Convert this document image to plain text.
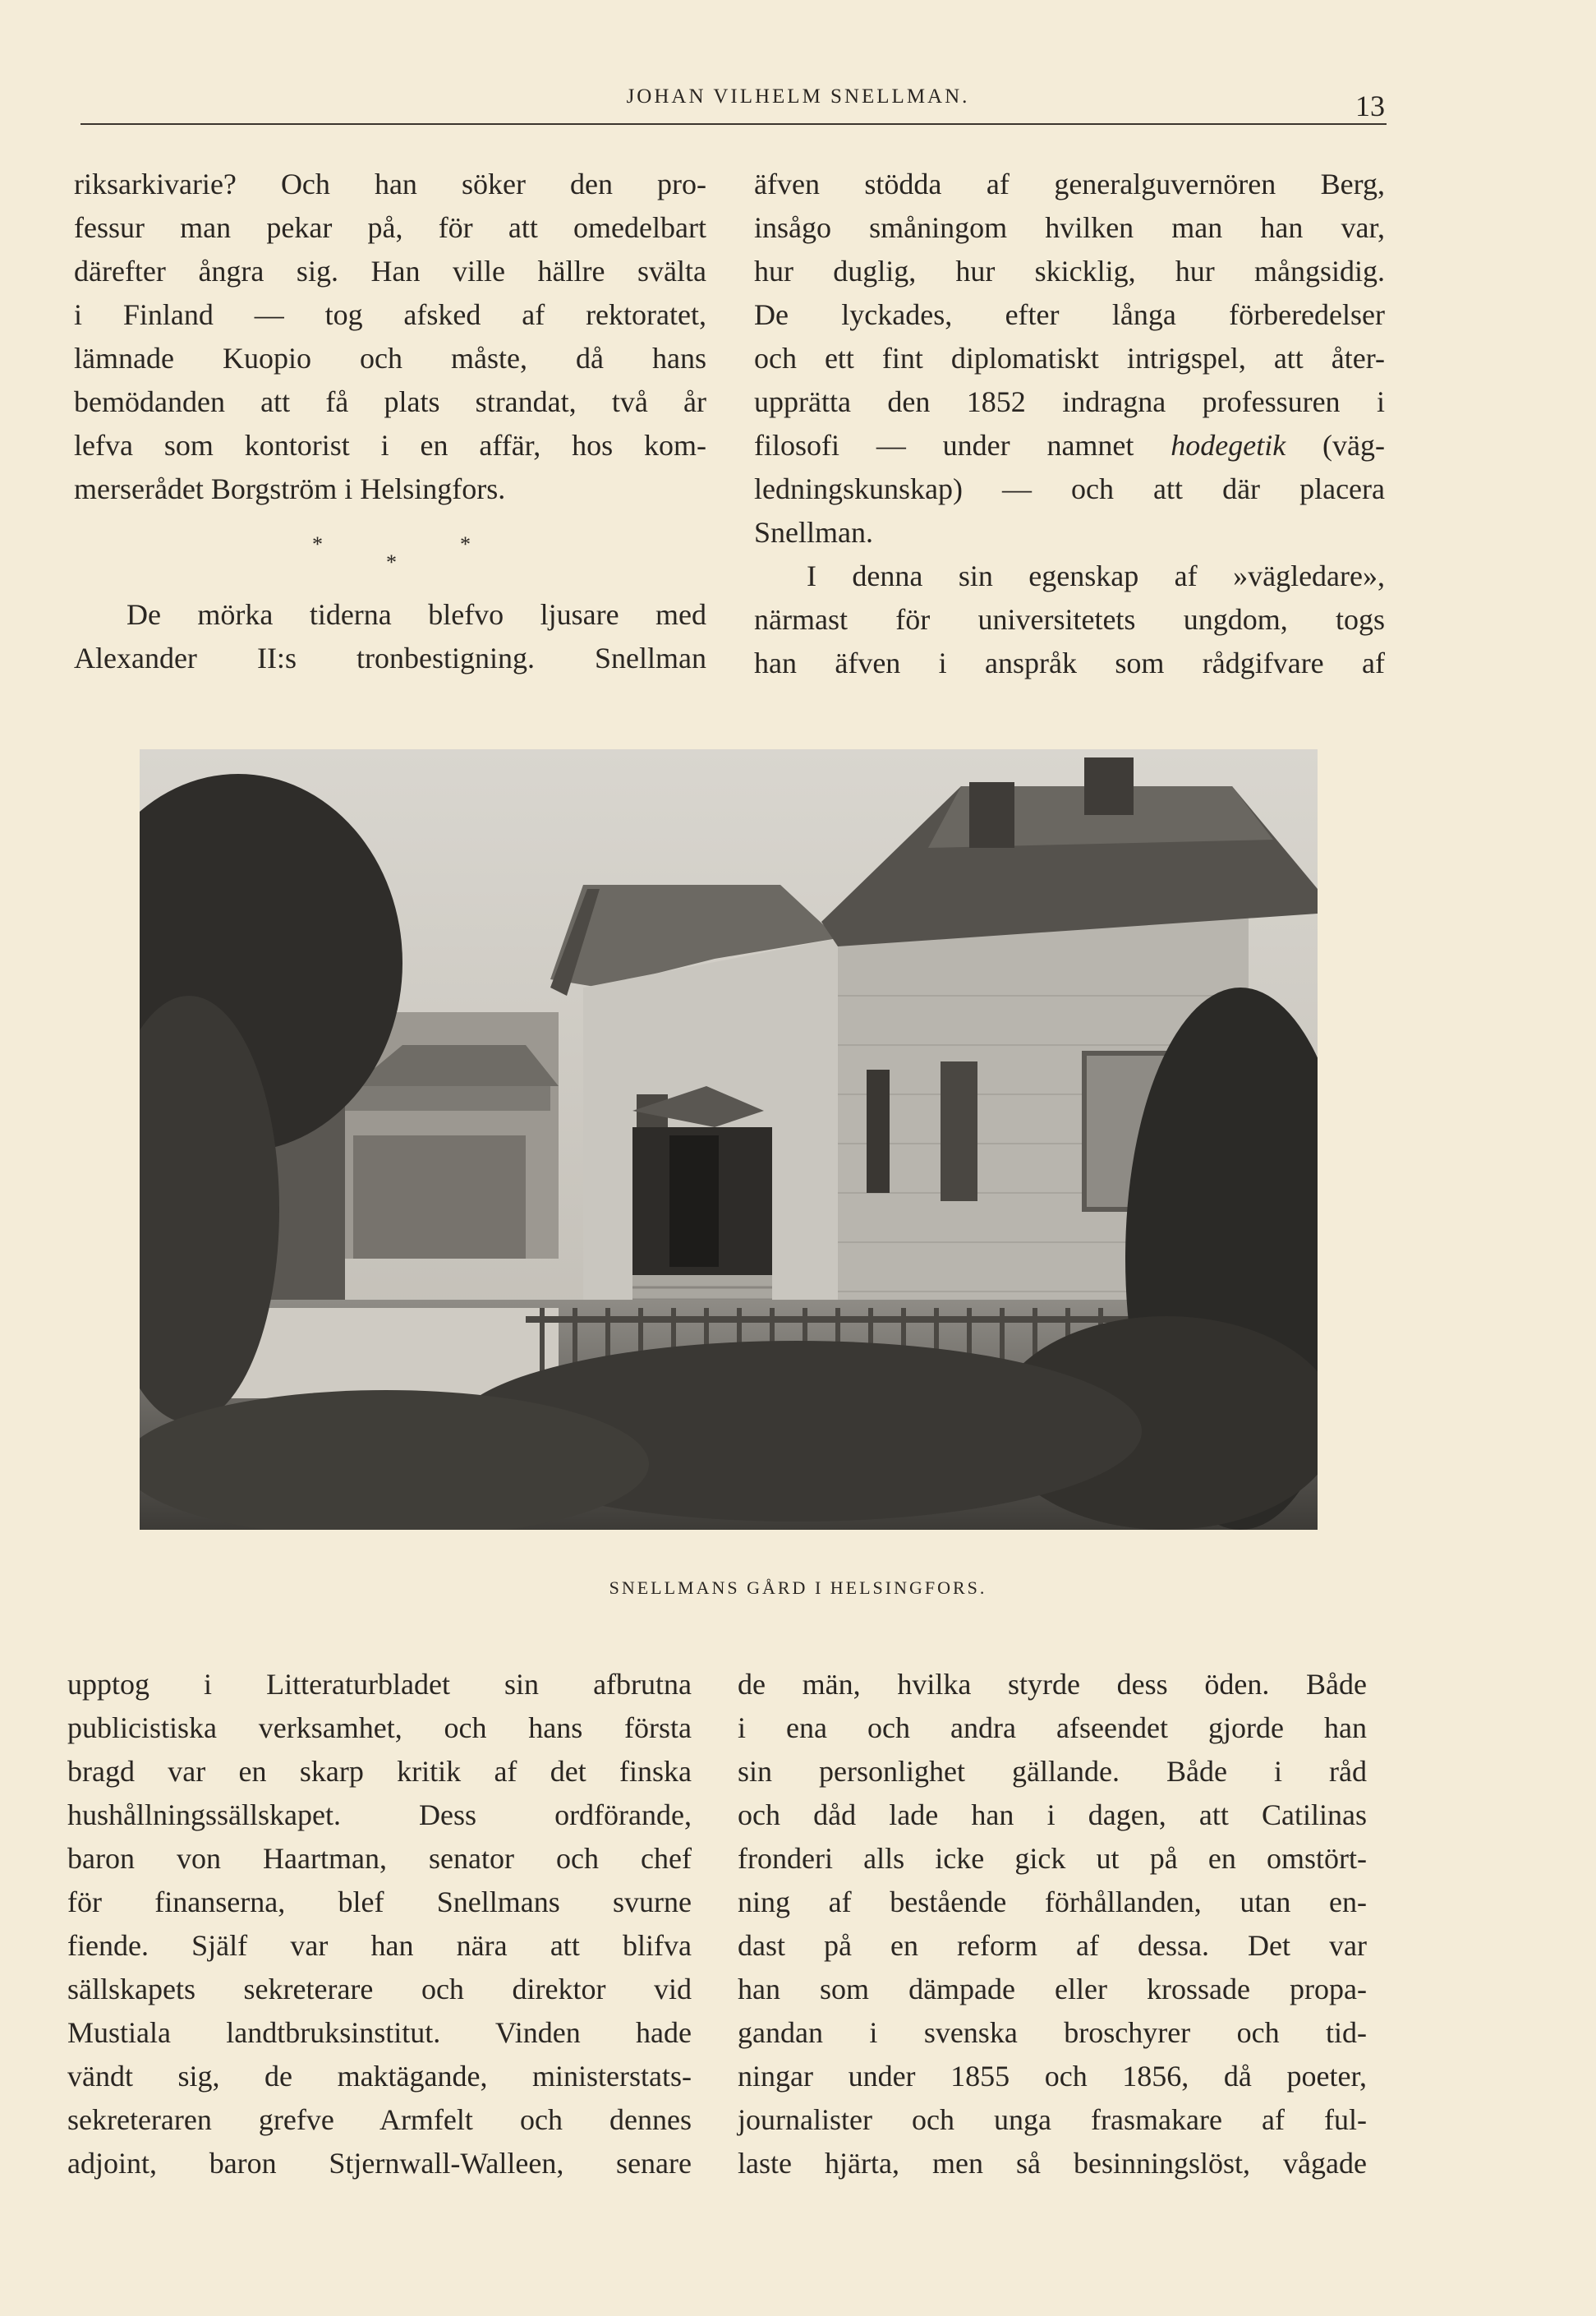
JOHAN VILHELM SNELLMAN.	13

riksarkivarie? Och han söker den pro-
fessur man pekar på, för att omedelbart
därefter ångra sig. Han ville hällre svälta
i Finland — tog afsked af rektoratet,
lämnade Kuopio och måste, då hans
bemödanden att få plats strandat, två år
lefva som kontorist i en affär, hos kom-
merserådet Borgström i Helsingfors.

De mörka tiderna blefvo ljusare med

Alexander II:s tronbestigning. Snellman

*
*
*

äfven stödda af generalguvernören Berg,
insågo småningom hvilken man han var,
hur duglig, hur skicklig, hur mångsidig.
De lyckades, efter långa förberedelser
och ett fint diplomatiskt intrigspel, att åter-
upprätta den 1852 indragna professuren i
filosofi — under namnet hodegetik (väg-
ledningskunskap) — och att där placera
Snellman.

I denna sin egenskap af »vägledare»,

närmast för universitetets ungdom, togs
han äfven i anspråk som rådgifvare af

SNELLMANS GÅRD I HELSINGFORS.

upptog i Litteraturbladet sin afbrutna
publicistiska verksamhet, och hans första
bragd var en skarp kritik af det finska
hushållningssällskapet. Dess ordförande,
baron von Haartman, senator och chef
för finanserna, blef Snellmans svurne
fiende. Själf var han nära att blifva
sällskapets sekreterare och direktor vid
Mustiala landtbruksinstitut. Vinden hade
vändt sig, de maktägande, ministerstats-
sekreteraren grefve Armfelt och dennes
adjoint, baron Stjernwall-Walleen, senare

de män, hvilka styrde dess öden. Både
i ena och andra afseendet gjorde han
sin personlighet gällande. Både i råd
och dåd lade han i dagen, att Catilinas
fronderi alls icke gick ut på en omstört-
ning af bestående förhållanden, utan en-
dast på en reform af dessa. Det var
han som dämpade eller krossade propa-
gandan i svenska broschyrer och tid-
ningar under 1855 och 1856, då poeter,
journalister och unga frasmakare af ful-
laste hjärta, men så besinningslöst, vågade
